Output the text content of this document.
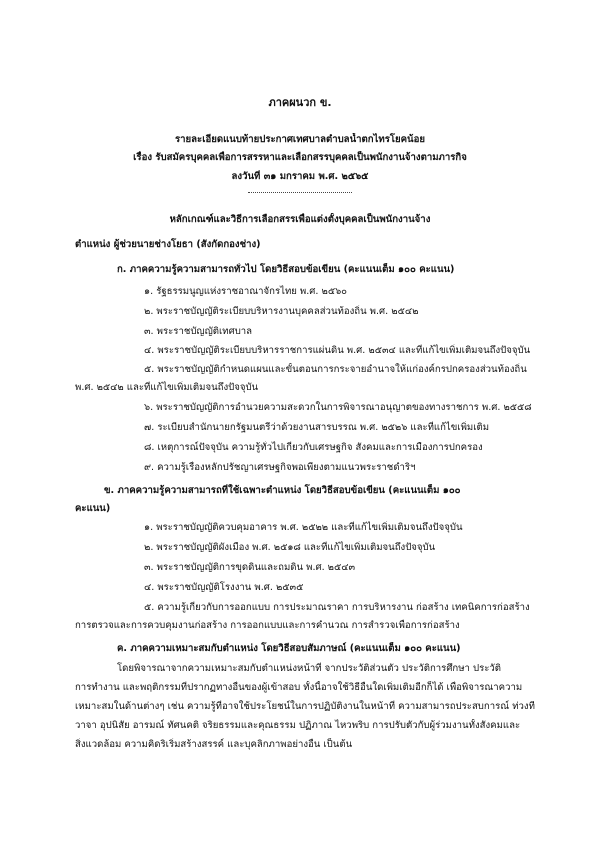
ภาคผนวก ข.
รายละเอียดแนบท้ายประกาศเทศบาลตำบลน้ำตกไทรโยคน้อย
เรื่อง รับสมัครบุคคลเพื่อการสรรหาและเลือกสรรบุคคลเป็นพนักงานจ้างตามภารกิจ
ลงวันที่ ๓๑ มกราคม พ.ศ. ๒๕๖๕
หลักเกณฑ์และวิธีการเลือกสรรเพื่อแต่งตั้งบุคคลเป็นพนักงานจ้าง
ตำแหน่ง ผู้ช่วยนายช่างโยธา (สังกัดกองช่าง)
ก. ภาคความรู้ความสามารถทั่วไป โดยวิธีสอบข้อเขียน (คะแนนเต็ม ๑๐๐ คะแนน)
๑. รัฐธรรมนูญแห่งราชอาณาจักรไทย พ.ศ. ๒๕๖๐
๒. พระราชบัญญัติระเบียบบริหารงานบุคคลส่วนท้องถิ่น พ.ศ. ๒๕๔๒
๓. พระราชบัญญัติเทศบาล
๔. พระราชบัญญัติระเบียบบริหารราชการแผ่นดิน พ.ศ. ๒๕๓๔ และที่แก้ไขเพิ่มเติมจนถึงปัจจุบัน
๕. พระราชบัญญัติกำหนดแผนและขั้นตอนการกระจายอำนาจให้แก่องค์กรปกครองส่วนท้องถิ่น
พ.ศ. ๒๕๔๒ และที่แก้ไขเพิ่มเติมจนถึงปัจจุบัน
๖. พระราชบัญญัติการอำนวยความสะดวกในการพิจารณาอนุญาตของทางราชการ พ.ศ. ๒๕๕๘
๗. ระเบียบสำนักนายกรัฐมนตรีว่าด้วยงานสารบรรณ พ.ศ. ๒๕๒๖ และที่แก้ไขเพิ่มเติม
๘. เหตุการณ์ปัจจุบัน ความรู้ทั่วไปเกี่ยวกับเศรษฐกิจ สังคมและการเมืองการปกครอง
๙. ความรู้เรื่องหลักปรัชญาเศรษฐกิจพอเพียงตามแนวพระราชดำริฯ
ข. ภาคความรู้ความสามารถที่ใช้เฉพาะตำแหน่ง โดยวิธีสอบข้อเขียน (คะแนนเต็ม ๑๐๐
คะแนน)
๑. พระราชบัญญัติควบคุมอาคาร พ.ศ. ๒๕๒๒ และที่แก้ไขเพิ่มเติมจนถึงปัจจุบัน
๒. พระราชบัญญัติผังเมือง พ.ศ. ๒๕๑๘ และที่แก้ไขเพิ่มเติมจนถึงปัจจุบัน
๓. พระราชบัญญัติการขุดดินและถมดิน พ.ศ. ๒๕๔๓
๔. พระราชบัญญัติโรงงาน พ.ศ. ๒๕๓๕
๕. ความรู้เกี่ยวกับการออกแบบ การประมาณราคา การบริหารงาน ก่อสร้าง เทคนิคการก่อสร้าง
การตรวจและการควบคุมงานก่อสร้าง การออกแบบและการคำนวณ การสำรวจเพื่อการก่อสร้าง
ค. ภาคความเหมาะสมกับตำแหน่ง โดยวิธีสอบสัมภาษณ์ (คะแนนเต็ม ๑๐๐ คะแนน)
โดยพิจารณาจากความเหมาะสมกับตำแหน่งหน้าที่ จากประวัติส่วนตัว ประวัติการศึกษา ประวัติ
การทำงาน และพฤติกรรมที่ปรากฏทางอื่นของผู้เข้าสอบ ทั้งนี้อาจใช้วิธีอื่นใดเพิ่มเติมอีกก็ได้ เพื่อพิจารณาความ
เหมาะสมในด้านต่างๆ เช่น ความรู้ที่อาจใช้ประโยชน์ในการปฏิบัติงานในหน้าที่ ความสามารถประสบการณ์ ท่วงที
วาจา อุปนิสัย อารมณ์ ทัศนคติ จริยธรรมและคุณธรรม ปฏิภาณ ไหวพริบ การปรับตัวกับผู้ร่วมงานทั้งสังคมและ
สิ่งแวดล้อม ความคิดริเริ่มสร้างสรรค์ และบุคลิกภาพอย่างอื่น เป็นต้น
